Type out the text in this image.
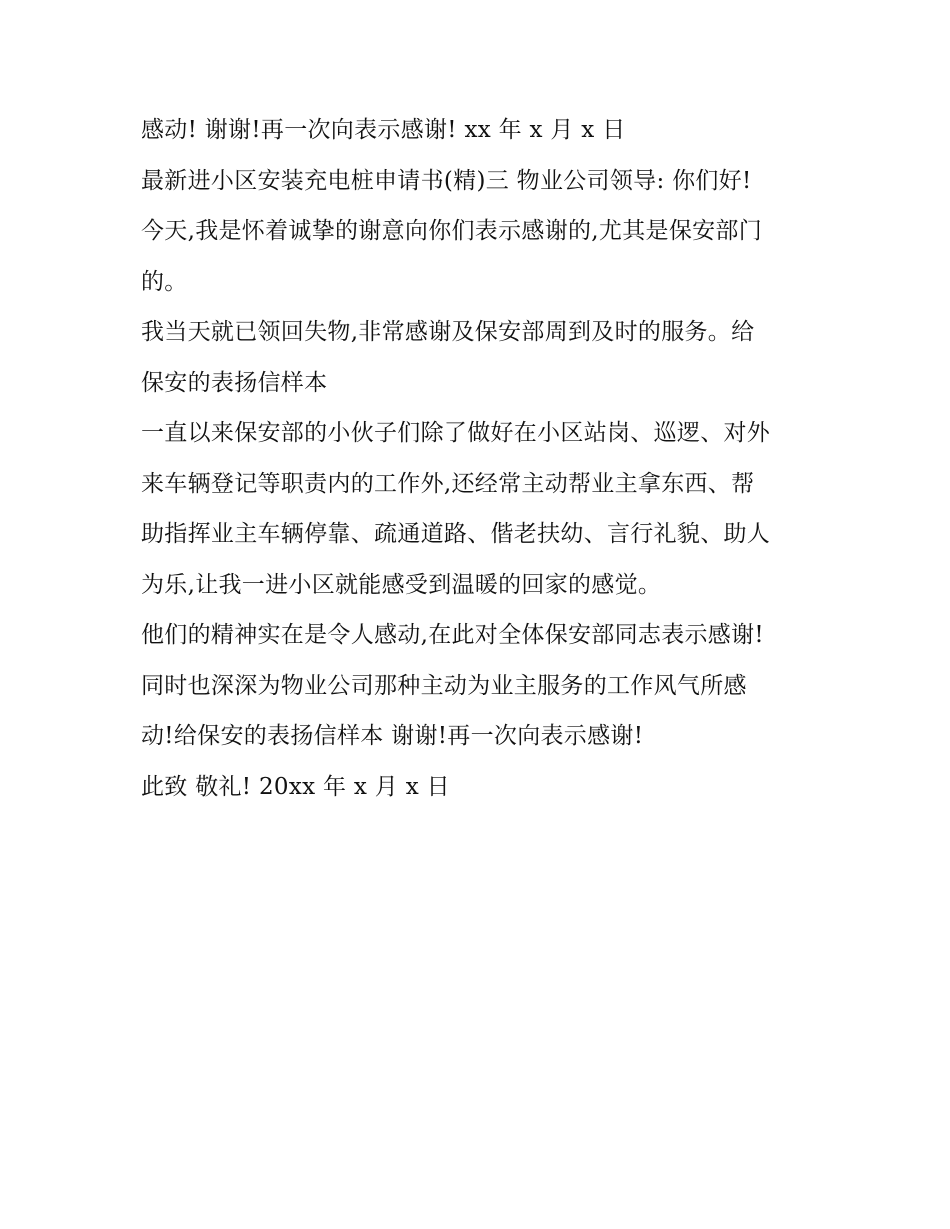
感动! 谢谢!再一次向表示感谢! xx 年 x 月 x 日
最新进小区安装充电桩申请书(精)三 物业公司领导: 你们好!
今天,我是怀着诚挚的谢意向你们表示感谢的,尤其是保安部门
的。
我当天就已领回失物,非常感谢及保安部周到及时的服务。给
保安的表扬信样本
一直以来保安部的小伙子们除了做好在小区站岗、巡逻、对外
来车辆登记等职责内的工作外,还经常主动帮业主拿东西、帮
助指挥业主车辆停靠、疏通道路、偕老扶幼、言行礼貌、助人
为乐,让我一进小区就能感受到温暖的回家的感觉。
他们的精神实在是令人感动,在此对全体保安部同志表示感谢!
同时也深深为物业公司那种主动为业主服务的工作风气所感
动!给保安的表扬信样本 谢谢!再一次向表示感谢!
此致 敬礼! 20xx 年 x 月 x 日
